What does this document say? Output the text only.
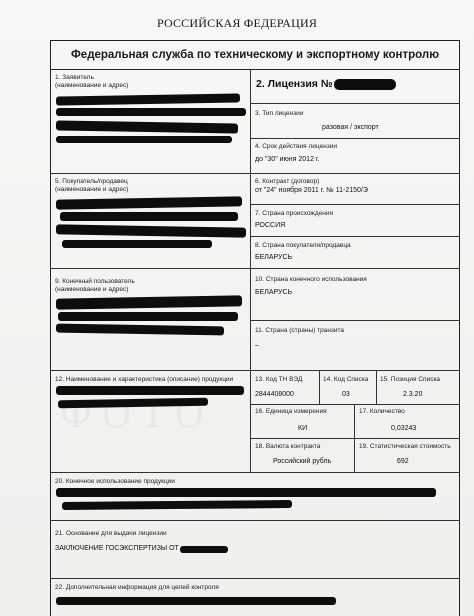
РОССИЙСКАЯ ФЕДЕРАЦИЯ
Федеральная служба по техническому и экспортному контролю
1. Заявитель
(наименование и адрес)	2. Лицензия №
3. Тип лицензии
разовая / экспорт
4. Срок действия лицензии
до "30" июня 2012 г.
5. Покупатель/продавец
(наименование и адрес)
6. Контракт (договор)
от "24" ноября 2011 г. № 11-2150/Э
7. Страна происхождения
РОССИЯ
8. Страна покупателя/продавца
БЕЛАРУСЬ
9. Конечный пользователь
(наименование и адрес)
10. Страна конечного использования
БЕЛАРУСЬ
11. Страна (страны) транзита
–
12. Наименование и характеристика (описание) продукции	13. Код ТН ВЭД
2844408000
14. Код Списка
03
15. Позиция Списка
2.3.20
16. Единица измерения
КИ
17. Количество
0,03243
18. Валюта контракта
Российский рубль
19. Статистическая стоимость
692
20. Конечное использование продукции
21. Основание для выдачи лицензии
ЗАКЛЮЧЕНИЕ ГОСЭКСПЕРТИЗЫ ОТ
22. Дополнительная информация для целей контроля
